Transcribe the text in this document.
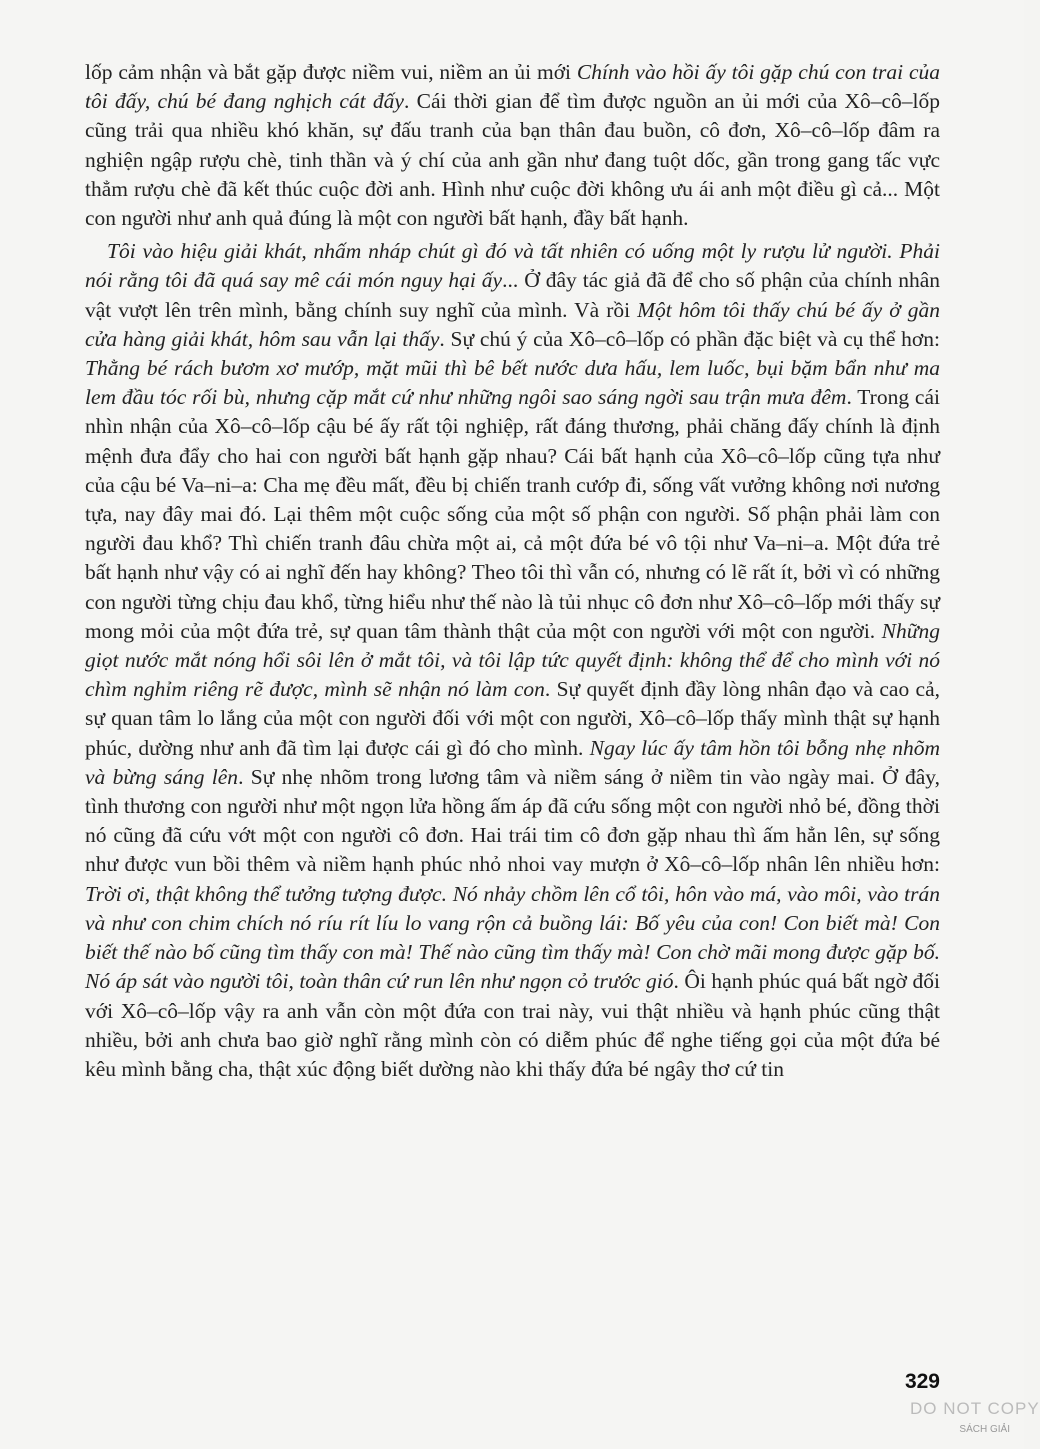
lốp cảm nhận và bắt gặp được niềm vui, niềm an ủi mới Chính vào hồi ấy tôi gặp chú con trai của tôi đấy, chú bé đang nghịch cát đấy. Cái thời gian để tìm được nguồn an ủi mới của Xô–cô–lốp cũng trải qua nhiều khó khăn, sự đấu tranh của bạn thân đau buồn, cô đơn, Xô–cô–lốp đâm ra nghiện ngập rượu chè, tinh thần và ý chí của anh gần như đang tuột dốc, gần trong gang tấc vực thẳm rượu chè đã kết thúc cuộc đời anh. Hình như cuộc đời không ưu ái anh một điều gì cả... Một con người như anh quả đúng là một con người bất hạnh, đầy bất hạnh.

Tôi vào hiệu giải khát, nhấm nháp chút gì đó và tất nhiên có uống một ly rượu lử người. Phải nói rằng tôi đã quá say mê cái món nguy hại ấy... Ở đây tác giả đã để cho số phận của chính nhân vật vượt lên trên mình, bằng chính suy nghĩ của mình. Và rồi Một hôm tôi thấy chú bé ấy ở gần cửa hàng giải khát, hôm sau vẫn lại thấy. Sự chú ý của Xô–cô–lốp có phần đặc biệt và cụ thể hơn: Thằng bé rách bươm xơ mướp, mặt mũi thì bê bết nước dưa hấu, lem luốc, bụi bặm bẩn như ma lem đầu tóc rối bù, nhưng cặp mắt cứ như những ngôi sao sáng ngời sau trận mưa đêm. Trong cái nhìn nhận của Xô–cô–lốp cậu bé ấy rất tội nghiệp, rất đáng thương, phải chăng đấy chính là định mệnh đưa đẩy cho hai con người bất hạnh gặp nhau? Cái bất hạnh của Xô–cô–lốp cũng tựa như của cậu bé Va–ni–a: Cha mẹ đều mất, đều bị chiến tranh cướp đi, sống vất vưởng không nơi nương tựa, nay đây mai đó. Lại thêm một cuộc sống của một số phận con người. Số phận phải làm con người đau khổ? Thì chiến tranh đâu chừa một ai, cả một đứa bé vô tội như Va–ni–a. Một đứa trẻ bất hạnh như vậy có ai nghĩ đến hay không? Theo tôi thì vẫn có, nhưng có lẽ rất ít, bởi vì có những con người từng chịu đau khổ, từng hiểu như thế nào là tủi nhục cô đơn như Xô–cô–lốp mới thấy sự mong mỏi của một đứa trẻ, sự quan tâm thành thật của một con người với một con người. Những giọt nước mắt nóng hổi sôi lên ở mắt tôi, và tôi lập tức quyết định: không thể để cho mình với nó chìm nghỉm riêng rẽ được, mình sẽ nhận nó làm con. Sự quyết định đầy lòng nhân đạo và cao cả, sự quan tâm lo lắng của một con người đối với một con người, Xô–cô–lốp thấy mình thật sự hạnh phúc, dường như anh đã tìm lại được cái gì đó cho mình. Ngay lúc ấy tâm hồn tôi bỗng nhẹ nhõm và bừng sáng lên. Sự nhẹ nhõm trong lương tâm và niềm sáng ở niềm tin vào ngày mai. Ở đây, tình thương con người như một ngọn lửa hồng ấm áp đã cứu sống một con người nhỏ bé, đồng thời nó cũng đã cứu vớt một con người cô đơn. Hai trái tim cô đơn gặp nhau thì ấm hẳn lên, sự sống như được vun bồi thêm và niềm hạnh phúc nhỏ nhoi vay mượn ở Xô–cô–lốp nhân lên nhiều hơn: Trời ơi, thật không thể tưởng tượng được. Nó nhảy chồm lên cổ tôi, hôn vào má, vào môi, vào trán và như con chim chích nó ríu rít líu lo vang rộn cả buồng lái: Bố yêu của con! Con biết mà! Con biết thế nào bố cũng tìm thấy con mà! Thế nào cũng tìm thấy mà! Con chờ mãi mong được gặp bố. Nó áp sát vào người tôi, toàn thân cứ run lên như ngọn cỏ trước gió. Ôi hạnh phúc quá bất ngờ đối với Xô–cô–lốp vậy ra anh vẫn còn một đứa con trai này, vui thật nhiều và hạnh phúc cũng thật nhiều, bởi anh chưa bao giờ nghĩ rằng mình còn có diễm phúc để nghe tiếng gọi của một đứa bé kêu mình bằng cha, thật xúc động biết dường nào khi thấy đứa bé ngây thơ cứ tin

329
DO NOT COPY
SÁCH GIẢI
